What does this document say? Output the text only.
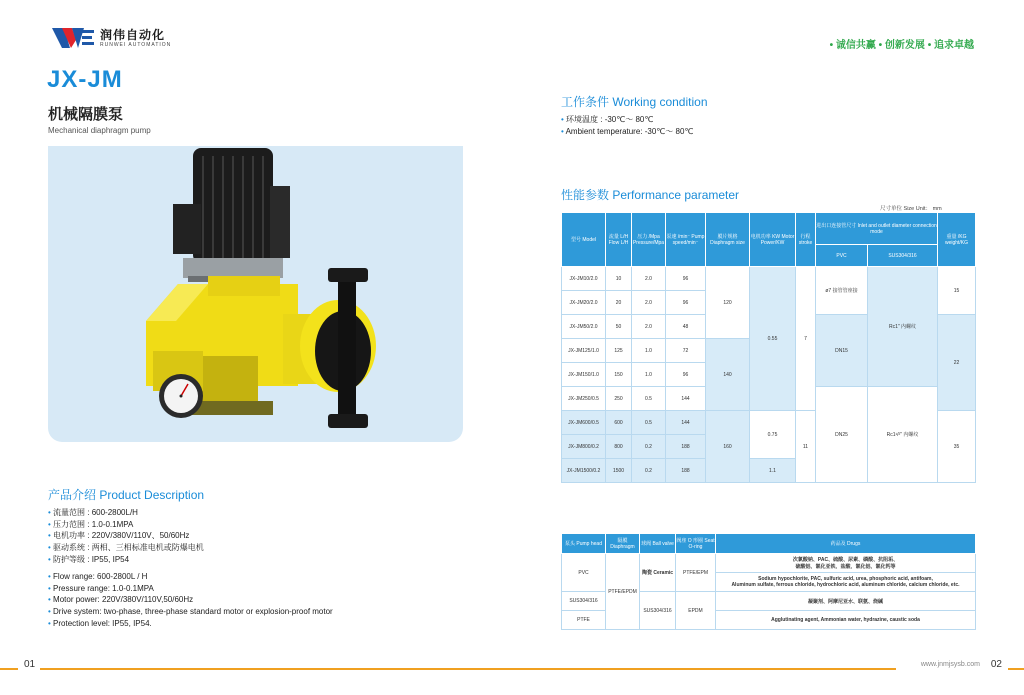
润伟自动化
RUNWEI AUTOMATION	• 诚信共赢 • 创新发展 • 追求卓越
JX-JM
机械隔膜泵
Mechanical diaphragm pump
产品介绍 Product Description
• 流量范围 : 600-2800L/H
• 压力范围 : 1.0-0.1MPA
• 电机功率 : 220V/380V/110V、50/60Hz
• 驱动系统 : 两相、三相标准电机或防爆电机
• 防护等级 : IP55, IP54
• Flow range: 600-2800L / H
• Pressure range: 1.0-0.1MPA
• Motor power: 220V/380V/110V,50/60Hz
• Drive system: two-phase, three-phase standard motor or explosion-proof motor
• Protection level: IP55, IP54.
工作条件 Working condition
• 环境温度 : -30℃～ 80℃
• Ambient temperature: -30℃～ 80℃
性能参数 Performance parameter
尺寸单位 Size Unit： mm
型号 Model	流量 L/H Flow L/H	压力 /Mpa Pressure/Mpa	泵速 /min⁻ Pump speed/min⁻	膜片规格 Diaphragm size	电机功率 KW Motor Power/KW	行程 stroke	进出口连接管尺寸 Inlet and outlet diameter connection mode		重量 /KG weight/KG
							PVC	SUS304/316	
JX-JM10/2.0	10	2.0	96	120	0.55	7	ø7 接管管座接	Rc1" 内螺纹	15
JX-JM20/2.0	20	2.0	96						
JX-JM50/2.0	50	2.0	48				DN15		22
JX-JM125/1.0	125	1.0	72	140					
JX-JM150/1.0	150	1.0	96						
JX-JM250/0.5	250	0.5	144				DN25	Rc1¹/²" 内螺纹	
JX-JM600/0.5	600	0.5	144	160	0.75	11			35
JX-JM800/0.2	800	0.2	188						
JX-JM1500/0.2	1500	0.2	188		1.1				
泵头 Pump head	隔膜 Diaphragm	球阀 Ball valve	阀座 O 形圈 Seat O-ring	药品及 Drugs
PVC	PTFE/EPDM	陶瓷 Ceramic	PTFE/EPM	次氯酸钠、PAC、硫酸、尿素、磷酸、抗阻垢、
硫酸铝、氯化亚铁、盐酸、氯化铝、氯化钙等

				Sodium hypochlorite, PAC, sulfuric acid, urea, phosphoric acid, antifoam,
Aluminum sulfate, ferrous chloride, hydrochloric acid, aluminum chloride, calcium chloride, etc.

SUS304/316		SUS304/316	EPDM	凝聚剂、阿摩尼亚水、联氨、烧碱
PTFE				Agglutinating agent, Ammonian water, hydrazine, caustic soda
01	www.jnmjsysb.com 02
